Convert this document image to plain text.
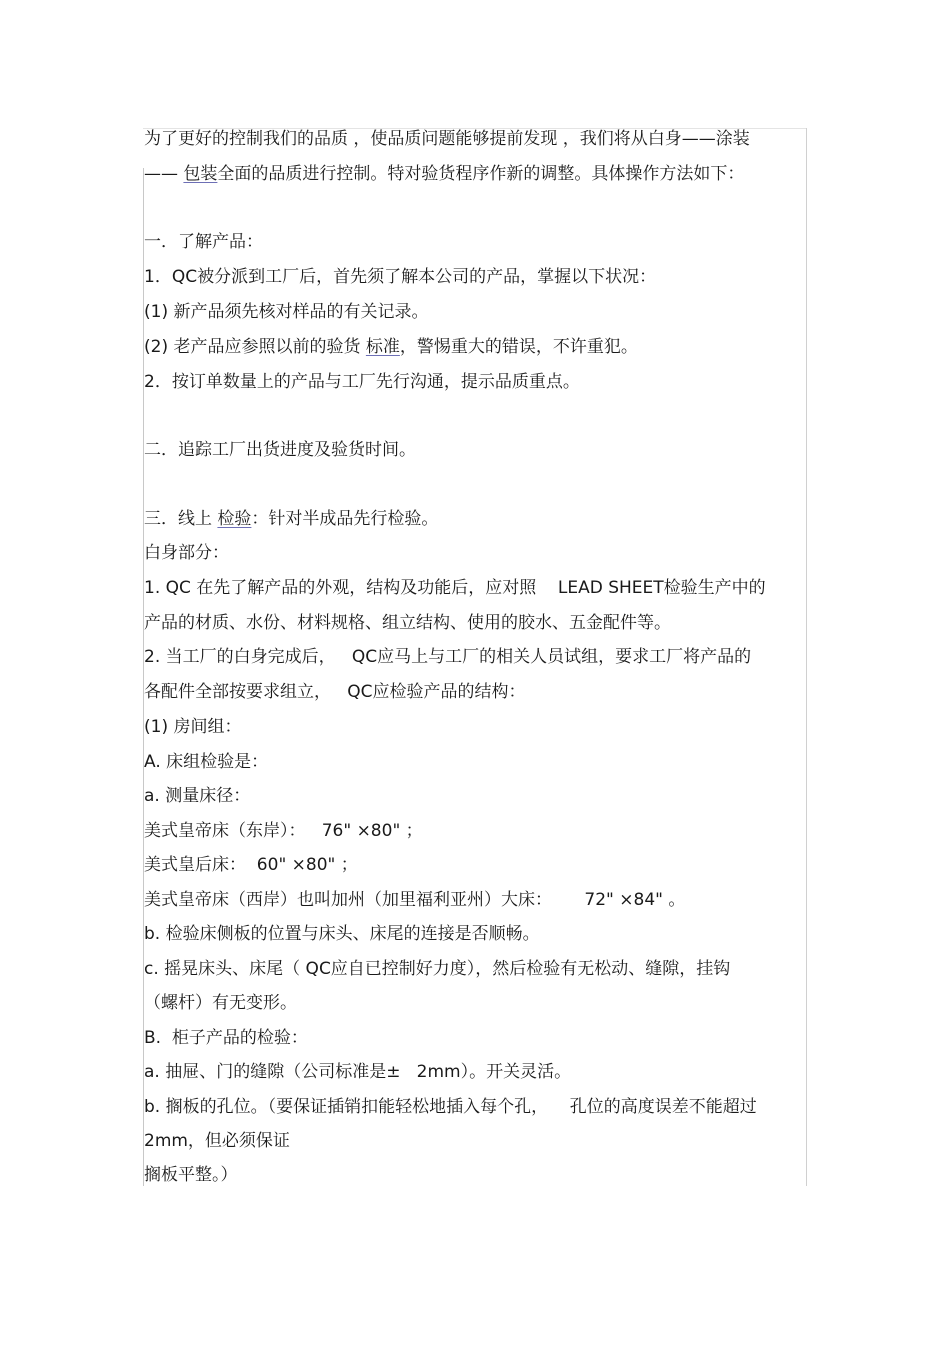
为了更好的控制我们的品质 ，使品质问题能够提前发现 ，我们将从白身——涂装
—— 包装全面的品质进行控制。特对验货程序作新的调整。具体操作方法如下：
一．了解产品：
1．QC被分派到工厂后，首先须了解本公司的产品，掌握以下状况：
(1) 新产品须先核对样品的有关记录。
(2) 老产品应参照以前的验货 标准，警惕重大的错误，不许重犯。
2．按订单数量上的产品与工厂先行沟通，提示品质重点。
二．追踪工厂出货进度及验货时间。
三．线上 检验：针对半成品先行检验。
白身部分：
1. QC 在先了解产品的外观，结构及功能后，应对照    LEAD SHEET检验生产中的
产品的材质、水份、材料规格、组立结构、使用的胶水、五金配件等。
2. 当工厂的白身完成后，   QC应马上与工厂的相关人员试组，要求工厂将产品的
各配件全部按要求组立，   QC应检验产品的结构：
(1) 房间组：
A. 床组检验是：
a. 测量床径：
美式皇帝床（东岸）：   76" ×80" ；
美式皇后床：  60" ×80" ；
美式皇帝床（西岸）也叫加州（加里福利亚州）大床：      72" ×84" 。
b. 检验床侧板的位置与床头、床尾的连接是否顺畅。
c. 摇晃床头、床尾（ QC应自已控制好力度），然后检验有无松动、缝隙，挂钩
（螺杆）有无变形。
B.  柜子产品的检验：
a. 抽屉、门的缝隙（公司标准是±   2mm）。开关灵活。
b. 搁板的孔位。（要保证插销扣能轻松地插入每个孔，    孔位的高度误差不能超过
2mm，但必须保证
搁板平整。）
